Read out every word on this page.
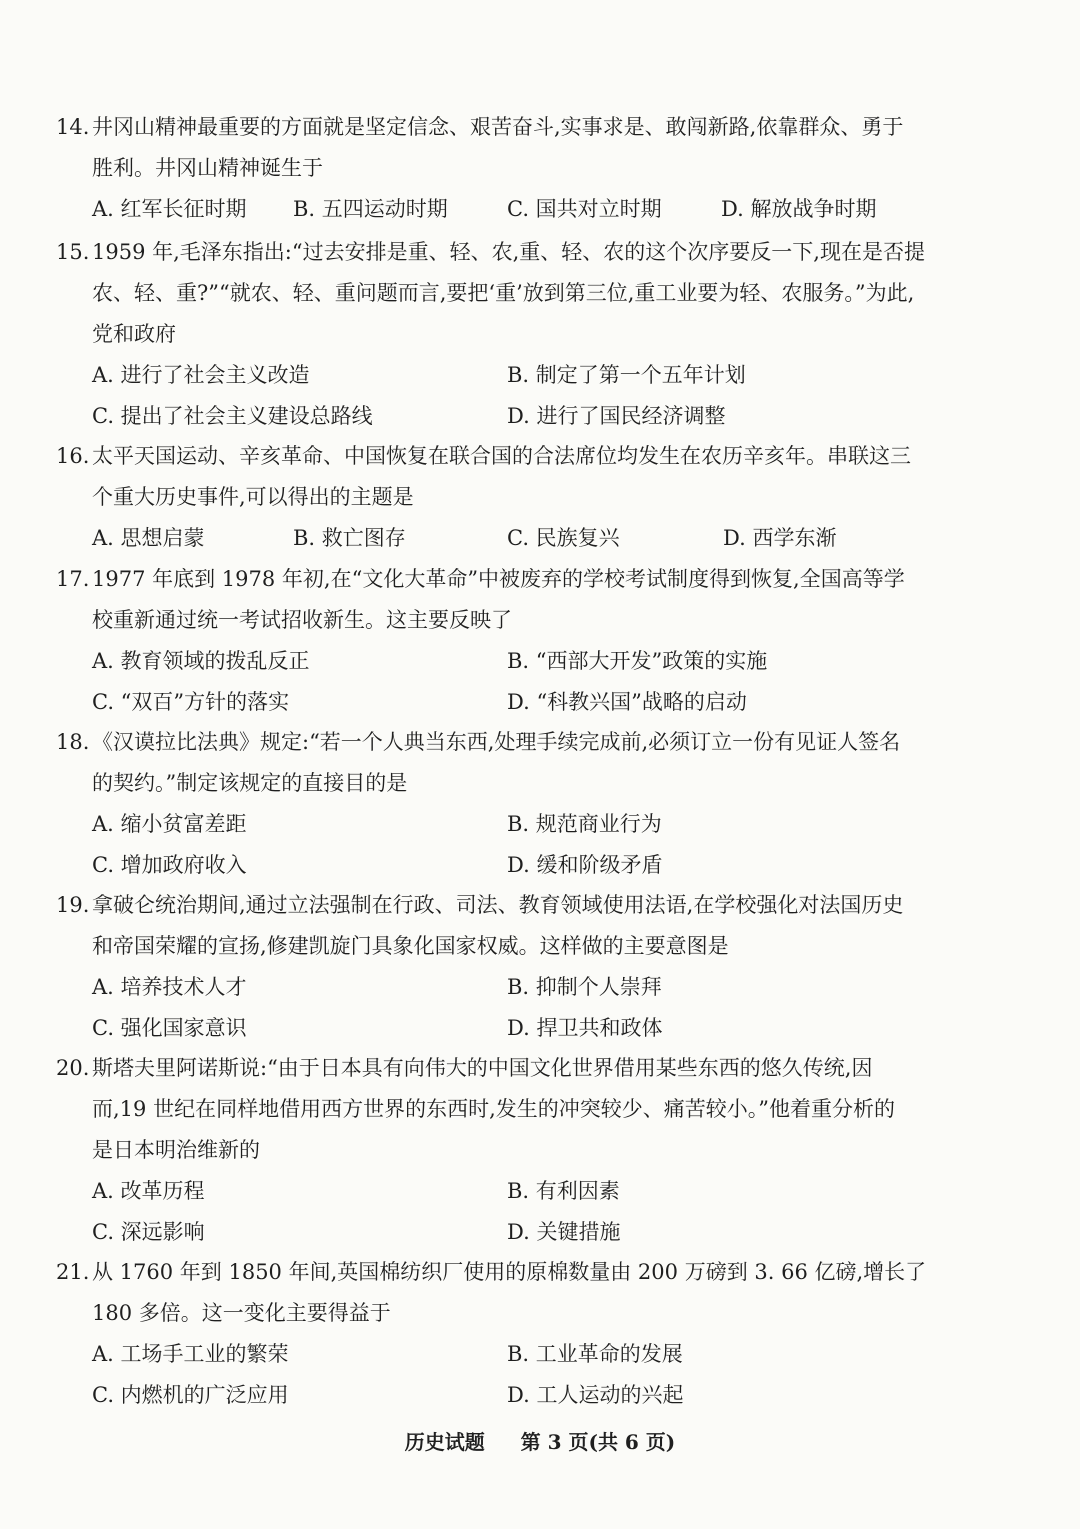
14. 井冈山精神最重要的方面就是坚定信念、艰苦奋斗,实事求是、敢闯新路,依靠群众、勇于
胜利。井冈山精神诞生于
A. 红军长征时期 B. 五四运动时期	C. 国共对立时期	D. 解放战争时期
15. 1959 年,毛泽东指出:“过去安排是重、轻、农,重、轻、农的这个次序要反一下,现在是否提
农、轻、重?”“就农、轻、重问题而言,要把‘重’放到第三位,重工业要为轻、农服务。”为此,
党和政府
A. 进行了社会主义改造	B. 制定了第一个五年计划
C. 提出了社会主义建设总路线	D. 进行了国民经济调整
16. 太平天国运动、辛亥革命、中国恢复在联合国的合法席位均发生在农历辛亥年。串联这三
个重大历史事件,可以得出的主题是
A. 思想启蒙	B. 救亡图存	C. 民族复兴	D. 西学东渐
17. 1977 年底到 1978 年初,在“文化大革命”中被废弃的学校考试制度得到恢复,全国高等学
校重新通过统一考试招收新生。这主要反映了
A. 教育领域的拨乱反正	B. “西部大开发”政策的实施
C. “双百”方针的落实	D. “科教兴国”战略的启动
18. 《汉谟拉比法典》规定:“若一个人典当东西,处理手续完成前,必须订立一份有见证人签名
的契约。”制定该规定的直接目的是
A. 缩小贫富差距	B. 规范商业行为
C. 增加政府收入	D. 缓和阶级矛盾
19. 拿破仑统治期间,通过立法强制在行政、司法、教育领域使用法语,在学校强化对法国历史
和帝国荣耀的宣扬,修建凯旋门具象化国家权威。这样做的主要意图是
A. 培养技术人才	B. 抑制个人崇拜
C. 强化国家意识	D. 捍卫共和政体
20. 斯塔夫里阿诺斯说:“由于日本具有向伟大的中国文化世界借用某些东西的悠久传统,因
而,19 世纪在同样地借用西方世界的东西时,发生的冲突较少、痛苦较小。”他着重分析的
是日本明治维新的
A. 改革历程	B. 有利因素
C. 深远影响	D. 关键措施
21. 从 1760 年到 1850 年间,英国棉纺织厂使用的原棉数量由 200 万磅到 3. 66 亿磅,增长了
180 多倍。这一变化主要得益于
A. 工场手工业的繁荣	B. 工业革命的发展
C. 内燃机的广泛应用	D. 工人运动的兴起
历史试题 第 3 页(共 6 页)
